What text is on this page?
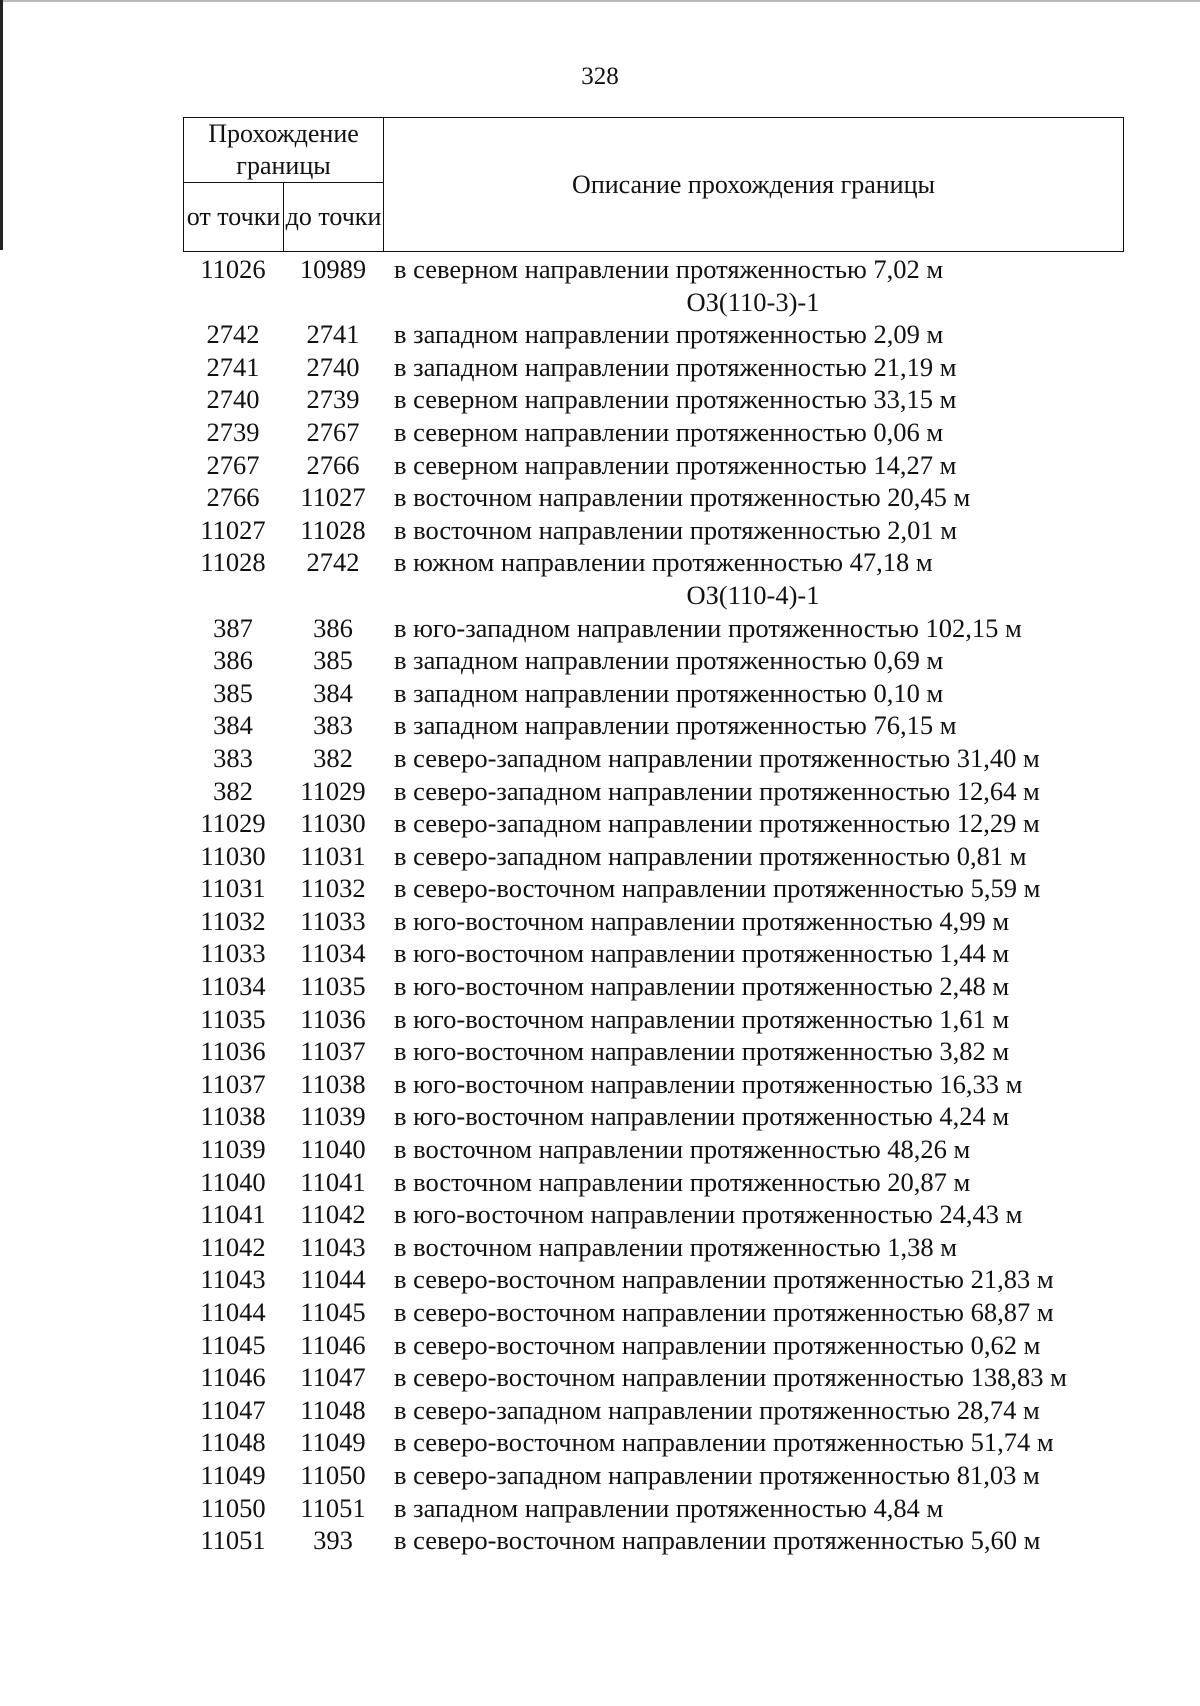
328
Прохождение границы		Описание прохождения границы
от точки	до точки	
11026	10989	в северном направлении протяженностью 7,02 м
ОЗ(110-3)-1
2742	2741	в западном направлении протяженностью 2,09 м
2741	2740	в западном направлении протяженностью 21,19 м
2740	2739	в северном направлении протяженностью 33,15 м
2739	2767	в северном направлении протяженностью 0,06 м
2767	2766	в северном направлении протяженностью 14,27 м
2766	11027	в восточном направлении протяженностью 20,45 м
11027	11028	в восточном направлении протяженностью 2,01 м
11028	2742	в южном направлении протяженностью 47,18 м
ОЗ(110-4)-1
387	386	в юго-западном направлении протяженностью 102,15 м
386	385	в западном направлении протяженностью 0,69 м
385	384	в западном направлении протяженностью 0,10 м
384	383	в западном направлении протяженностью 76,15 м
383	382	в северо-западном направлении протяженностью 31,40 м
382	11029	в северо-западном направлении протяженностью 12,64 м
11029	11030	в северо-западном направлении протяженностью 12,29 м
11030	11031	в северо-западном направлении протяженностью 0,81 м
11031	11032	в северо-восточном направлении протяженностью 5,59 м
11032	11033	в юго-восточном направлении протяженностью 4,99 м
11033	11034	в юго-восточном направлении протяженностью 1,44 м
11034	11035	в юго-восточном направлении протяженностью 2,48 м
11035	11036	в юго-восточном направлении протяженностью 1,61 м
11036	11037	в юго-восточном направлении протяженностью 3,82 м
11037	11038	в юго-восточном направлении протяженностью 16,33 м
11038	11039	в юго-восточном направлении протяженностью 4,24 м
11039	11040	в восточном направлении протяженностью 48,26 м
11040	11041	в восточном направлении протяженностью 20,87 м
11041	11042	в юго-восточном направлении протяженностью 24,43 м
11042	11043	в восточном направлении протяженностью 1,38 м
11043	11044	в северо-восточном направлении протяженностью 21,83 м
11044	11045	в северо-восточном направлении протяженностью 68,87 м
11045	11046	в северо-восточном направлении протяженностью 0,62 м
11046	11047	в северо-восточном направлении протяженностью 138,83 м
11047	11048	в северо-западном направлении протяженностью 28,74 м
11048	11049	в северо-восточном направлении протяженностью 51,74 м
11049	11050	в северо-западном направлении протяженностью 81,03 м
11050	11051	в западном направлении протяженностью 4,84 м
11051	393	в северо-восточном направлении протяженностью 5,60 м
